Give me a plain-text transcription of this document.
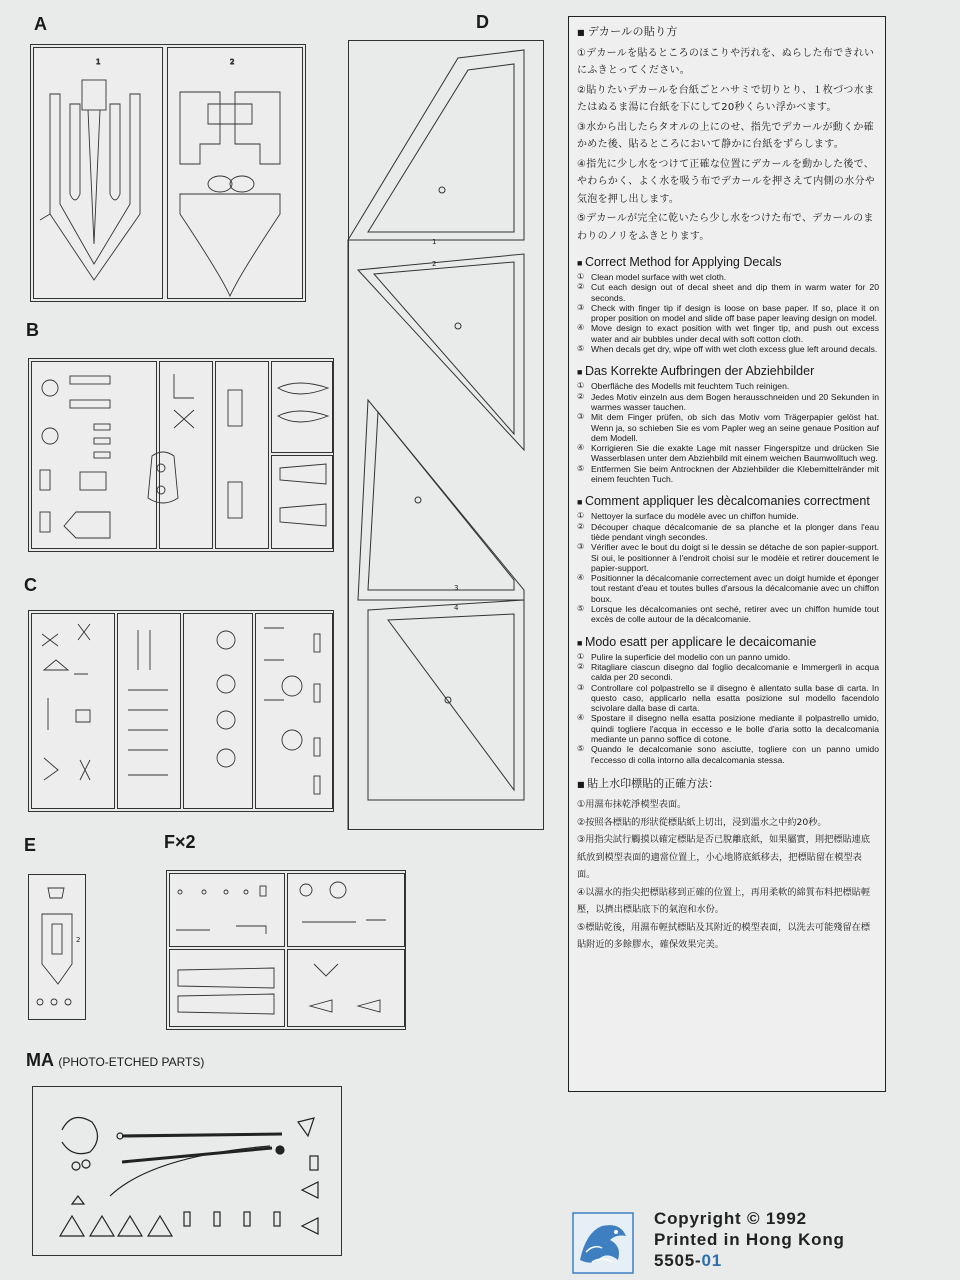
A
B
C
D
E	F×2
MA (PHOTO-ETCHED PARTS)
1	2
1
2
3
4
2

■ デカールの貼り方

①デカールを貼るところのほこりや汚れを、ぬらした布できれいにふきとってください。

②貼りたいデカールを台紙ごとハサミで切りとり、１枚づつ水またはぬるま湯に台紙を下にして20秒くらい浮かべます。

③水から出したらタオルの上にのせ、指先でデカールが動くか確かめた後、貼るところにおいて静かに台紙をずらします。

④指先に少し水をつけて正確な位置にデカールを動かした後で、やわらかく、よく水を吸う布でデカールを押さえて内側の水分や気泡を押し出します。

⑤デカールが完全に乾いたら少し水をつけた布で、デカールのまわりのノリをふきとります。

■ Correct Method for Applying Decals
① Clean model surface with wet cloth.
② Cut each design out of decal sheet and dip them in warm water for 20 seconds.
③ Check with finger tip if design is loose on base paper. If so, place it on proper position on model and slide off base paper leaving design on model.
④ Move design to exact position with wet finger tip, and push out excess water and air bubbles under decal with soft cotton cloth.
⑤ When decals get dry, wipe off with wet cloth excess glue left around decals.
■ Das Korrekte Aufbringen der Abziehbilder
① Oberfläche des Modells mit feuchtem Tuch reinigen.
② Jedes Motiv einzeln aus dem Bogen herausschneiden und 20 Sekunden in warmes wasser tauchen.
③ Mit dem Finger prüfen, ob sich das Motiv vom Trägerpapier gelöst hat. Wenn ja, so schieben Sie es vom Papler weg an seine genaue Position auf dem Modell.
④ Korrigieren Sie die exakte Lage mit nasser Fingerspitze und drücken Sie Wasserblasen unter dem Abziehbild mit einem weichen Baumwolltuch weg.
⑤ Entfermen Sie beim Antrocknen der Abziehbilder die Klebemittelränder mit einem feuchten Tuch.
■ Comment appliquer les dècalcomanies correctment
① Nettoyer la surface du modèle avec un chiffon humide.
② Découper chaque décalcomanie de sa planche et la plonger dans l'eau tiède pendant vingh secondes.
③ Vérifier avec le bout du doigt si le dessin se détache de son papier-support. Si oui, le positionner à l'endroit choisi sur le modèie et retirer doucement le papier-support.
④ Positionner la décalcomanie correctement avec un doigt humide et éponger tout restant d'eau et toutes bulles d'arsous la décalcomanie avec un chiffon boux.
⑤ Lorsque les décalcomanies ont seché, retirer avec un chiffon humide tout excès de colle autour de la décalcomanie.
■ Modo esatt per applicare le decaicomanie
① Pulire la superficie del modelio con un panno umido.
② Ritagliare ciascun disegno dal foglio decalcomanie e Immergerli in acqua calda per 20 secondi.
③ Controllare col polpastrello se il disegno è allentato sulla base di carta. In questo caso, applicarlo nella esatta posizione sul modello facendolo scivolare dalla base di carta.
④ Spostare il disegno nella esatta posizione mediante il polpastrello umido, quindi togliere l'acqua in eccesso e le bolle d'aria sotto la decalcomania mediante un panno soffice di cotone.
⑤ Quando le decalcomanie sono asciutte, togliere con un panno umido l'eccesso di colla intorno alla decalcomania stessa.

■ 貼上水印標貼的正確方法：

①用濕布抹乾淨模型表面。

②按照各標貼的形狀從標貼紙上切出，浸到溫水之中約20秒。

③用指尖試行觸摸以確定標貼是否已脫離底紙，如果屬實，則把標貼連底紙放到模型表面的適當位置上，小心地將底紙移去，把標貼留在模型表面。

④以濕水的指尖把標貼移到正確的位置上，再用柔軟的綿質布料把標貼輕壓，以擠出標貼底下的氣泡和水份。

⑤標貼乾後，用濕布輕拭標貼及其附近的模型表面，以洗去可能殘留在標貼附近的多餘膠水，確保效果完美。

Copyright © 1992
Printed in Hong Kong
5505-01
